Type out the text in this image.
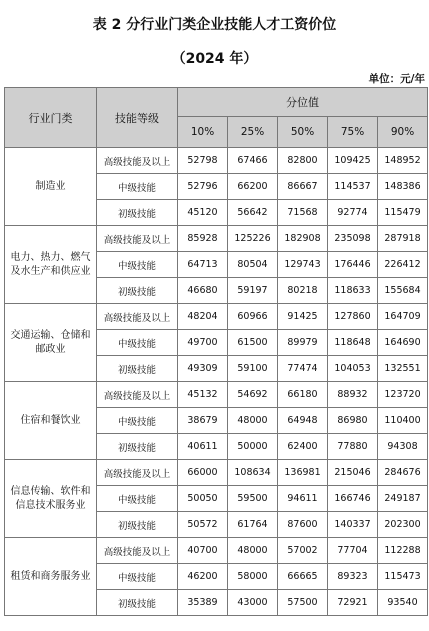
表 2 分行业门类企业技能人才工资价位
（2024 年）
单位：元/年
行业门类	技能等级	分位值				
		10%	25%	50%	75%	90%
制造业	高级技能及以上	52798	67466	82800	109425	148952
	中级技能	52796	66200	86667	114537	148386
	初级技能	45120	56642	71568	92774	115479
电力、热力、燃气及水生产和供应业	高级技能及以上	85928	125226	182908	235098	287918
	中级技能	64713	80504	129743	176446	226412
	初级技能	46680	59197	80218	118633	155684
交通运输、仓储和邮政业	高级技能及以上	48204	60966	91425	127860	164709
	中级技能	49700	61500	89979	118648	164690
	初级技能	49309	59100	77474	104053	132551
住宿和餐饮业	高级技能及以上	45132	54692	66180	88932	123720
	中级技能	38679	48000	64948	86980	110400
	初级技能	40611	50000	62400	77880	94308
信息传输、软件和信息技术服务业	高级技能及以上	66000	108634	136981	215046	284676
	中级技能	50050	59500	94611	166746	249187
	初级技能	50572	61764	87600	140337	202300
租赁和商务服务业	高级技能及以上	40700	48000	57002	77704	112288
	中级技能	46200	58000	66665	89323	115473
	初级技能	35389	43000	57500	72921	93540
